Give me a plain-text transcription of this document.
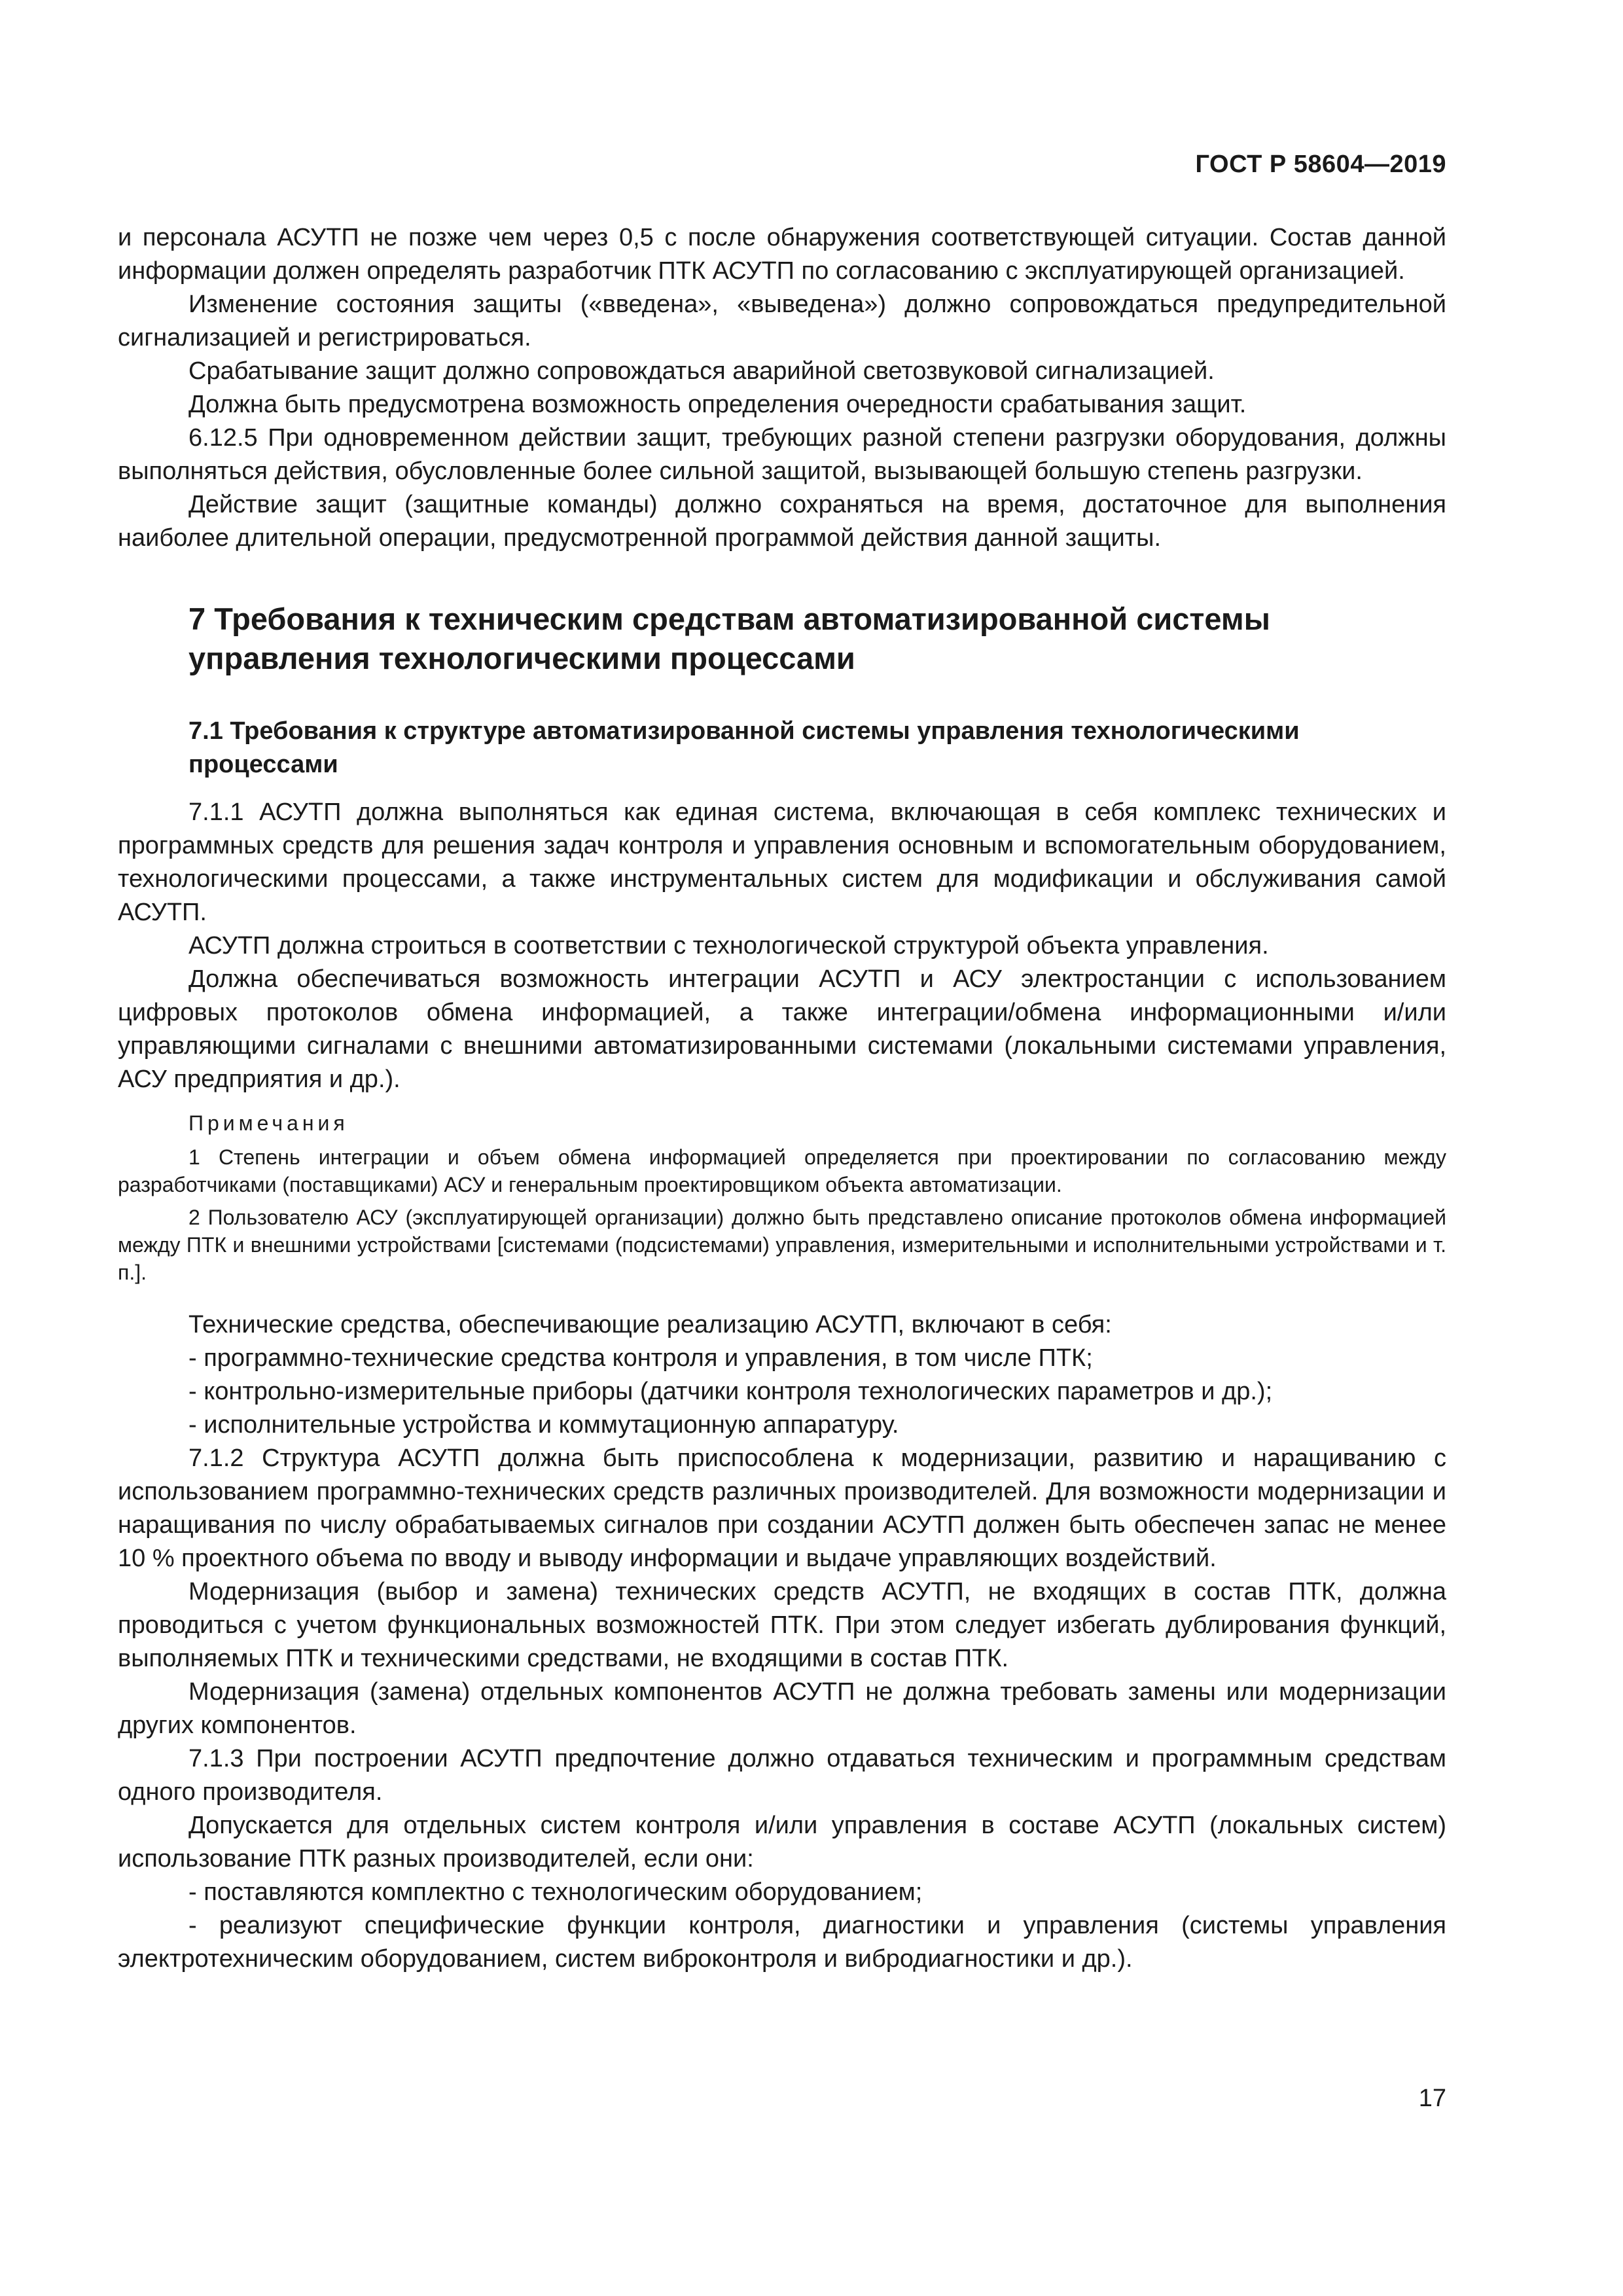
ГОСТ Р 58604—2019

и персонала АСУТП не позже чем через 0,5 с после обнаружения соответствующей ситуации. Состав данной информации должен определять разработчик ПТК АСУТП по согласованию с эксплуатирующей организацией.

Изменение состояния защиты («введена», «выведена») должно сопровождаться предупредительной сигнализацией и регистрироваться.

Срабатывание защит должно сопровождаться аварийной светозвуковой сигнализацией.

Должна быть предусмотрена возможность определения очередности срабатывания защит.

6.12.5 При одновременном действии защит, требующих разной степени разгрузки оборудования, должны выполняться действия, обусловленные более сильной защитой, вызывающей большую степень разгрузки.

Действие защит (защитные команды) должно сохраняться на время, достаточное для выполнения наиболее длительной операции, предусмотренной программой действия данной защиты.

7 Требования к техническим средствам автоматизированной системы
управления технологическими процессами
7.1 Требования к структуре автоматизированной системы управления технологическими
процессами

7.1.1 АСУТП должна выполняться как единая система, включающая в себя комплекс технических и программных средств для решения задач контроля и управления основным и вспомогательным оборудованием, технологическими процессами, а также инструментальных систем для модификации и обслуживания самой АСУТП.

АСУТП должна строиться в соответствии с технологической структурой объекта управления.

Должна обеспечиваться возможность интеграции АСУТП и АСУ электростанции с использованием цифровых протоколов обмена информацией, а также интеграции/обмена информационными и/или управляющими сигналами с внешними автоматизированными системами (локальными системами управления, АСУ предприятия и др.).

Примечания

1 Степень интеграции и объем обмена информацией определяется при проектировании по согласованию между разработчиками (поставщиками) АСУ и генеральным проектировщиком объекта автоматизации.

2 Пользователю АСУ (эксплуатирующей организации) должно быть представлено описание протоколов обмена информацией между ПТК и внешними устройствами [системами (подсистемами) управления, измерительными и исполнительными устройствами и т. п.].

Технические средства, обеспечивающие реализацию АСУТП, включают в себя:

- программно-технические средства контроля и управления, в том числе ПТК;

- контрольно-измерительные приборы (датчики контроля технологических параметров и др.);

- исполнительные устройства и коммутационную аппаратуру.

7.1.2 Структура АСУТП должна быть приспособлена к модернизации, развитию и наращиванию с использованием программно-технических средств различных производителей. Для возможности модернизации и наращивания по числу обрабатываемых сигналов при создании АСУТП должен быть обеспечен запас не менее 10 % проектного объема по вводу и выводу информации и выдаче управляющих воздействий.

Модернизация (выбор и замена) технических средств АСУТП, не входящих в состав ПТК, должна проводиться с учетом функциональных возможностей ПТК. При этом следует избегать дублирования функций, выполняемых ПТК и техническими средствами, не входящими в состав ПТК.

Модернизация (замена) отдельных компонентов АСУТП не должна требовать замены или модернизации других компонентов.

7.1.3 При построении АСУТП предпочтение должно отдаваться техническим и программным средствам одного производителя.

Допускается для отдельных систем контроля и/или управления в составе АСУТП (локальных систем) использование ПТК разных производителей, если они:

- поставляются комплектно с технологическим оборудованием;

- реализуют специфические функции контроля, диагностики и управления (системы управления электротехническим оборудованием, систем виброконтроля и вибродиагностики и др.).

17
